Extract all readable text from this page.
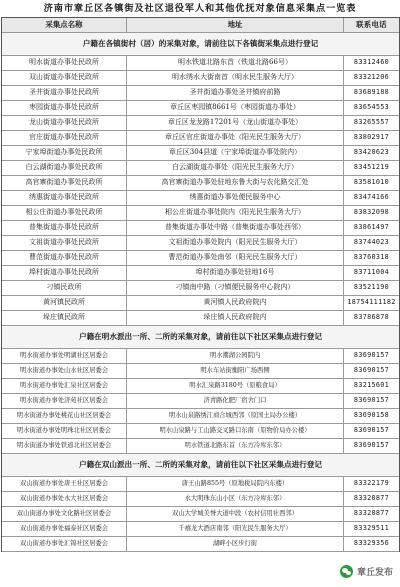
济南市章丘区各镇街及社区退役军人和其他优抚对象信息采集点一览表
采集点名称	地址	联系电话
户籍在各镇街村（居）的采集对象，请前往以下各镇街采集点进行登记
明水街道办事处民政所	明水铁道北路东首（铁道北路66号）	83312460
双山街道办事处民政所	明水绣水大街南首（明水民生服务大厅）	83321206
圣井街道办事处民政所	圣井街道办事处圣井镇府前路	83689188
枣园街道办事处民政所	章丘区枣园镇8661号（枣园街道办事处）	83654553
龙山街道办事处民政所	章丘区龙龙路17201号（龙山街道办事处）	83265557
官庄街道办事处民政所	章丘区官庄街道办事处（阳光民生服务大厅）	83802917
宁家埠街道办事处民政所	章丘区304县道（宁家埠街道办事处院内）	83420623
白云湖街道办事处民政所	白云湖街道办事处（阳光民生服务大厅）	83451219
高官寨街道办事处民政所	高官寨街道办事处驻地东鲁大街与农化路交汇处	83581010
绣惠街道办事处民政所	绣惠街道办事处便民服务中心	83474166
相公庄街道办事处民政所	相公庄街道办事处院内（阳光民生服务大厅）	83832098
普集街道办事处民政所	普集街道办事处中路（普集街道办事处西邻）	83861497
文祖街道办事处民政所	文祖街道办事处院内（阳光民生服务大厅）	83744023
曹范街道办事处民政所	曹范街道办事处南邻（阳光民生服务大厅）	83760318
埠村街道办事处民政所	埠村街道办事处驻地16号	83711004
刁镇民政所	刁镇南中路（刁镇便民服务中心院内）	83521190
黄河镇民政所	黄河镇人民政府院内	18754111182
垛庄镇民政所	垛庄镇人民政府院内	83786878
户籍在明水派出一所、二所的采集对象，请前往以下社区采集点进行登记
明水街道办事处明湖社区居委会	明水潮湖公园院内	83690157
明水街道办事处山水社区居委会	明水车站街衡阳广场西侧	83690157
明水街道办事处汇泉社区居委会	明水汇泉路3180号（原粮食局）	83215601
明水街道办事处济苑社区居委会	济青路化肥厂宿舍门口	83690157
明水街道办事处桃花山社区居委会	明水山泉路绣江商合城西邻（原国土局办公楼）	83690158
明水街道办事处明珠北社区居委会	明水山泉路与工山路交叉路口东南（原物价局办公楼）	83690157
明水街道办事处铁道北社区居委会	明水铁道北路东首（东方冷库东邻）	83690157
户籍在双山派出一所、二所的采集对象，请前往以下社区采集点进行登记
双山街道办事处唐王社区居委会	唐王山路855号（原地税局院内东楼）	83322179
双山街道办事处永大社区居委会	永大明珠东山小区（东方冷库东邻）	83320877
双山街道办事处文化路社区居委会	双山大学城美誉大道中段（农村信用社西邻）	83320877
双山街道办事处福泰社区居委会	千禧龙大酒店南邻（阳光民生服务大厅）	83329511
双山街道办事处汇锦社区居委会	湖畔小区步行街	83329356
章丘发布
